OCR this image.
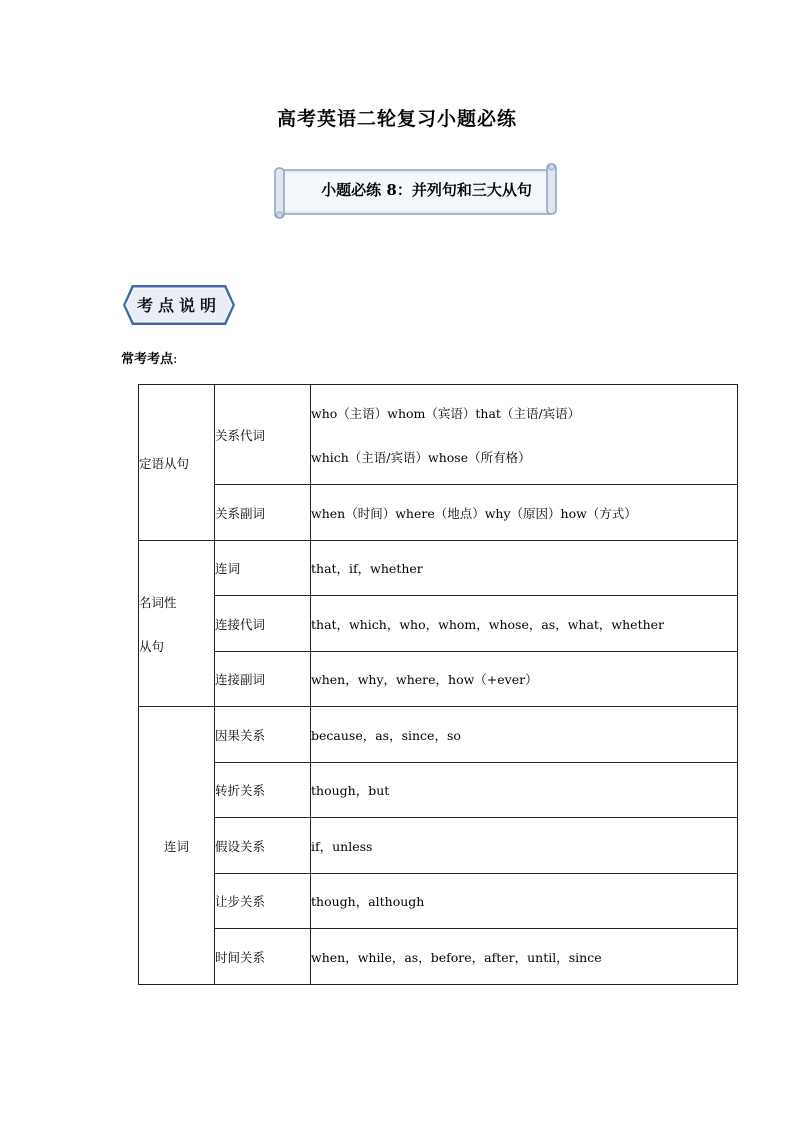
高考英语二轮复习小题必练
小题必练 8：并列句和三大从句
考点说明
常考考点:
定语从句	关系代词	who（主语）whom（宾语）that（主语/宾语）
which（主语/宾语）whose（所有格）

	关系副词	when（时间）where（地点）why（原因）how（方式）

名词性
从句	连词	that，if，whether
	连接代词	that，which，who，whom，whose，as，what，whether
	连接副词	when，why，where，how（+ever）
连词	因果关系	because，as，since，so
	转折关系	though，but
	假设关系	if，unless
	让步关系	though，although
	时间关系	when，while，as，before，after，until，since
